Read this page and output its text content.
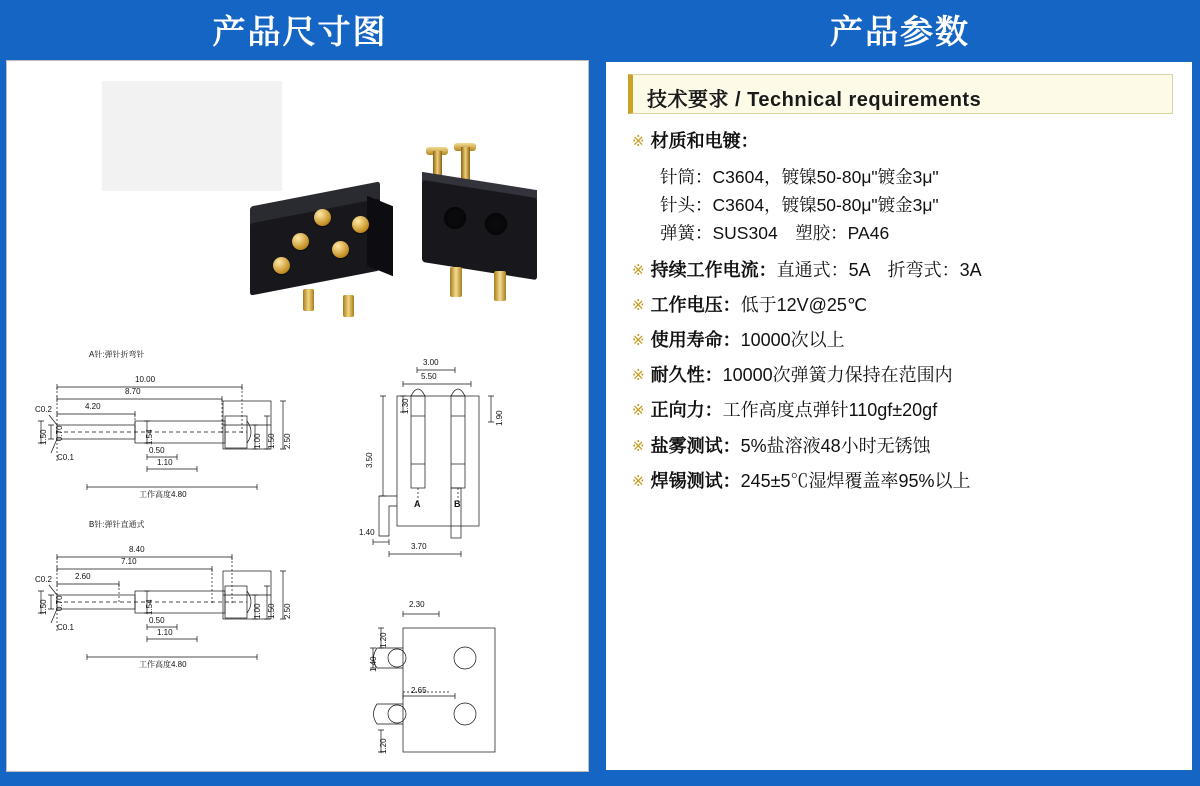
产品尺寸图	产品参数
A针:弹针折弯针
10.00
8.70
4.20
C0.2
C0.1
0.70
1.50	1.54
0.50
1.10
1.00 1.50 2.50
工作高度4.80
B针:弹针直通式
8.40
7.10
2.60
C0.2
C0.1
0.70
1.50	1.54
0.50
1.10
1.00 1.50 2.50
工作高度4.80
3.00
5.50
1.30
1.90
3.50
1.40
3.70
A	B
2.30
1.20
1.40
2.65
1.20
技术要求 / Technical requirements
※ 材质和电镀：
针筒：C3604，镀镍50-80μ"镀金3μ"
针头：C3604，镀镍50-80μ"镀金3μ"
弹簧：SUS304　塑胶：PA46
※ 持续工作电流： 直通式：5A　折弯式：3A
※ 工作电压： 低于12V@25℃
※ 使用寿命： 10000次以上
※ 耐久性： 10000次弹簧力保持在范围内
※ 正向力： 工作高度点弹针110gf±20gf
※ 盐雾测试： 5%盐溶液48小时无锈蚀
※ 焊锡测试： 245±5℃湿焊覆盖率95%以上
